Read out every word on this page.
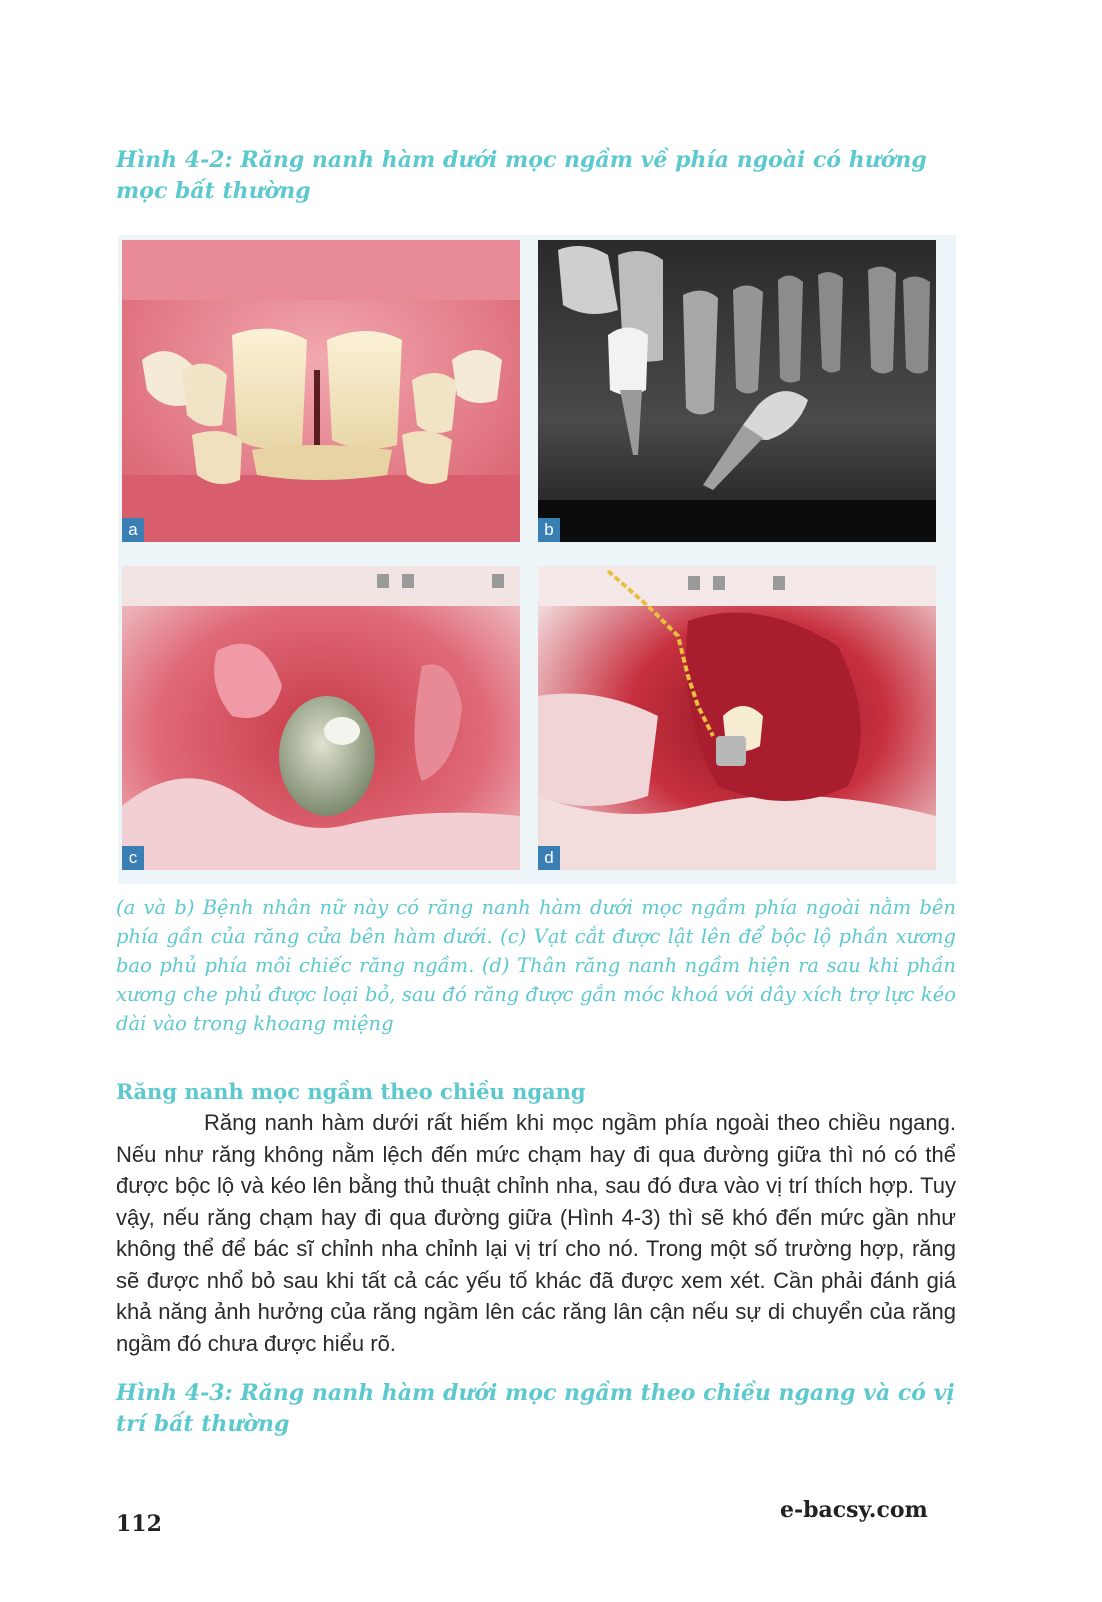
Hình 4-2: Răng nanh hàm dưới mọc ngầm về phía ngoài có hướng mọc bất thường
a	b
c	d
(a và b) Bệnh nhân nữ này có răng nanh hàm dưới mọc ngầm phía ngoài nằm bên phía gần của răng cửa bên hàm dưới. (c) Vạt cắt được lật lên để bộc lộ phần xương bao phủ phía môi chiếc răng ngầm. (d) Thân răng nanh ngầm hiện ra sau khi phần xương che phủ được loại bỏ, sau đó răng được gắn móc khoá với dây xích trợ lực kéo dài vào trong khoang miệng
Răng nanh mọc ngầm theo chiều ngang

Răng nanh hàm dưới rất hiếm khi mọc ngầm phía ngoài theo chiều ngang. Nếu như răng không nằm lệch đến mức chạm hay đi qua đường giữa thì nó có thể được bộc lộ và kéo lên bằng thủ thuật chỉnh nha, sau đó đưa vào vị trí thích hợp. Tuy vậy, nếu răng chạm hay đi qua đường giữa (Hình 4-3) thì sẽ khó đến mức gần như không thể để bác sĩ chỉnh nha chỉnh lại vị trí cho nó. Trong một số trường hợp, răng sẽ được nhổ bỏ sau khi tất cả các yếu tố khác đã được xem xét. Cần phải đánh giá khả năng ảnh hưởng của răng ngầm lên các răng lân cận nếu sự di chuyển của răng ngầm đó chưa được hiểu rõ.

Hình 4-3: Răng nanh hàm dưới mọc ngầm theo chiều ngang và có vị trí bất thường
112
e-bacsy.com
